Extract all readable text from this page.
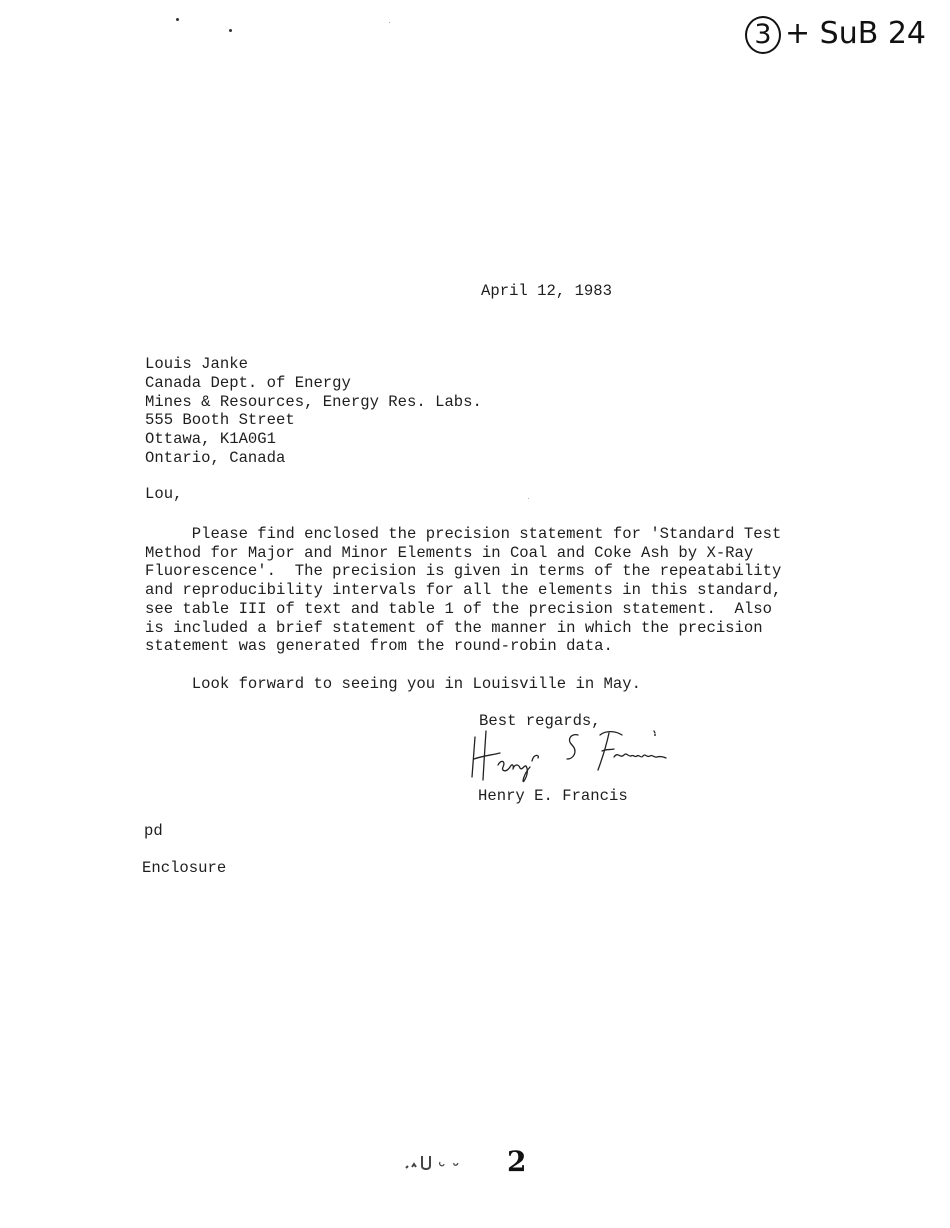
3 + SuB 24
April 12, 1983
Louis Janke
Canada Dept. of Energy
Mines & Resources, Energy Res. Labs.
555 Booth Street
Ottawa, K1A0G1
Ontario, Canada
Lou,
Please find enclosed the precision statement for 'Standard Test
Method for Major and Minor Elements in Coal and Coke Ash by X-Ray
Fluorescence'.  The precision is given in terms of the repeatability
and reproducibility intervals for all the elements in this standard,
see table III of text and table 1 of the precision statement.  Also
is included a brief statement of the manner in which the precision
statement was generated from the round-robin data.
Look forward to seeing you in Louisville in May.
Best regards,
Henry E. Francis
pd
Enclosure
2
